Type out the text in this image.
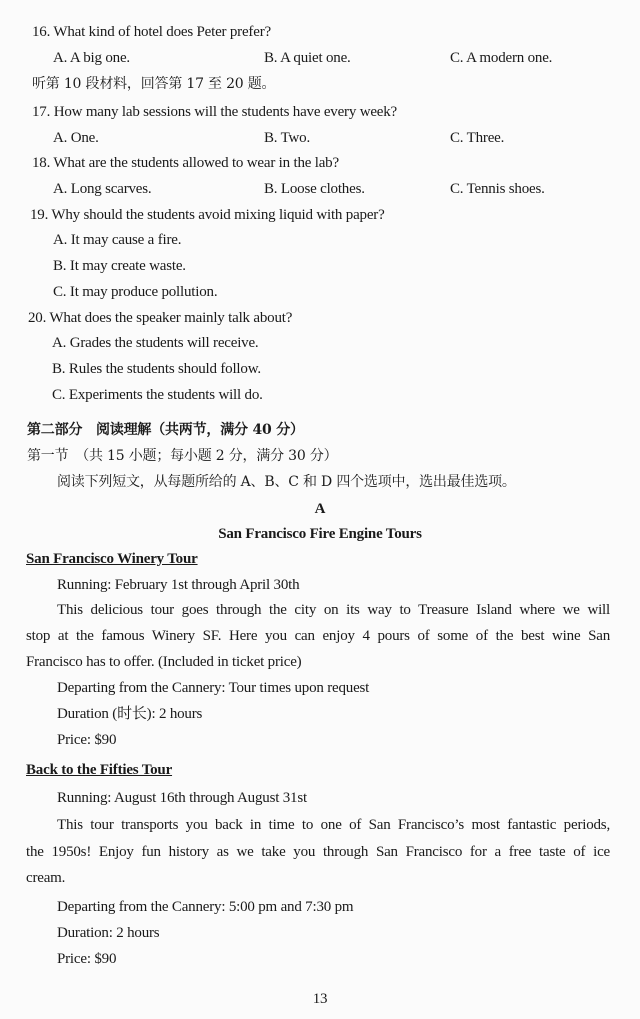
16. What kind of hotel does Peter prefer?
A. A big one.	B. A quiet one.	C. A modern one.
听第 10 段材料，回答第 17 至 20 题。
17. How many lab sessions will the students have every week?
A. One.	B. Two.	C. Three.
18. What are the students allowed to wear in the lab?
A. Long scarves.	B. Loose clothes.	C. Tennis shoes.
19. Why should the students avoid mixing liquid with paper?
A. It may cause a fire.
B. It may create waste.
C. It may produce pollution.
20. What does the speaker mainly talk about?
A. Grades the students will receive.
B. Rules the students should follow.
C. Experiments the students will do.
第二部分　阅读理解（共两节，满分 40 分）
第一节　（共 15 小题；每小题 2 分，满分 30 分）
阅读下列短文，从每题所给的 A、B、C 和 D 四个选项中，选出最佳选项。
A
San Francisco Fire Engine Tours
San Francisco Winery Tour
Running: February 1st through April 30th
This delicious tour goes through the city on its way to Treasure Island where we will
stop at the famous Winery SF. Here you can enjoy 4 pours of some of the best wine San
Francisco has to offer. (Included in ticket price)
Departing from the Cannery: Tour times upon request
Duration (时长): 2 hours
Price: $90
Back to the Fifties Tour
Running: August 16th through August 31st
This tour transports you back in time to one of San Francisco’s most fantastic periods,
the 1950s! Enjoy fun history as we take you through San Francisco for a free taste of ice
cream.
Departing from the Cannery: 5:00 pm and 7:30 pm
Duration: 2 hours
Price: $90
13
